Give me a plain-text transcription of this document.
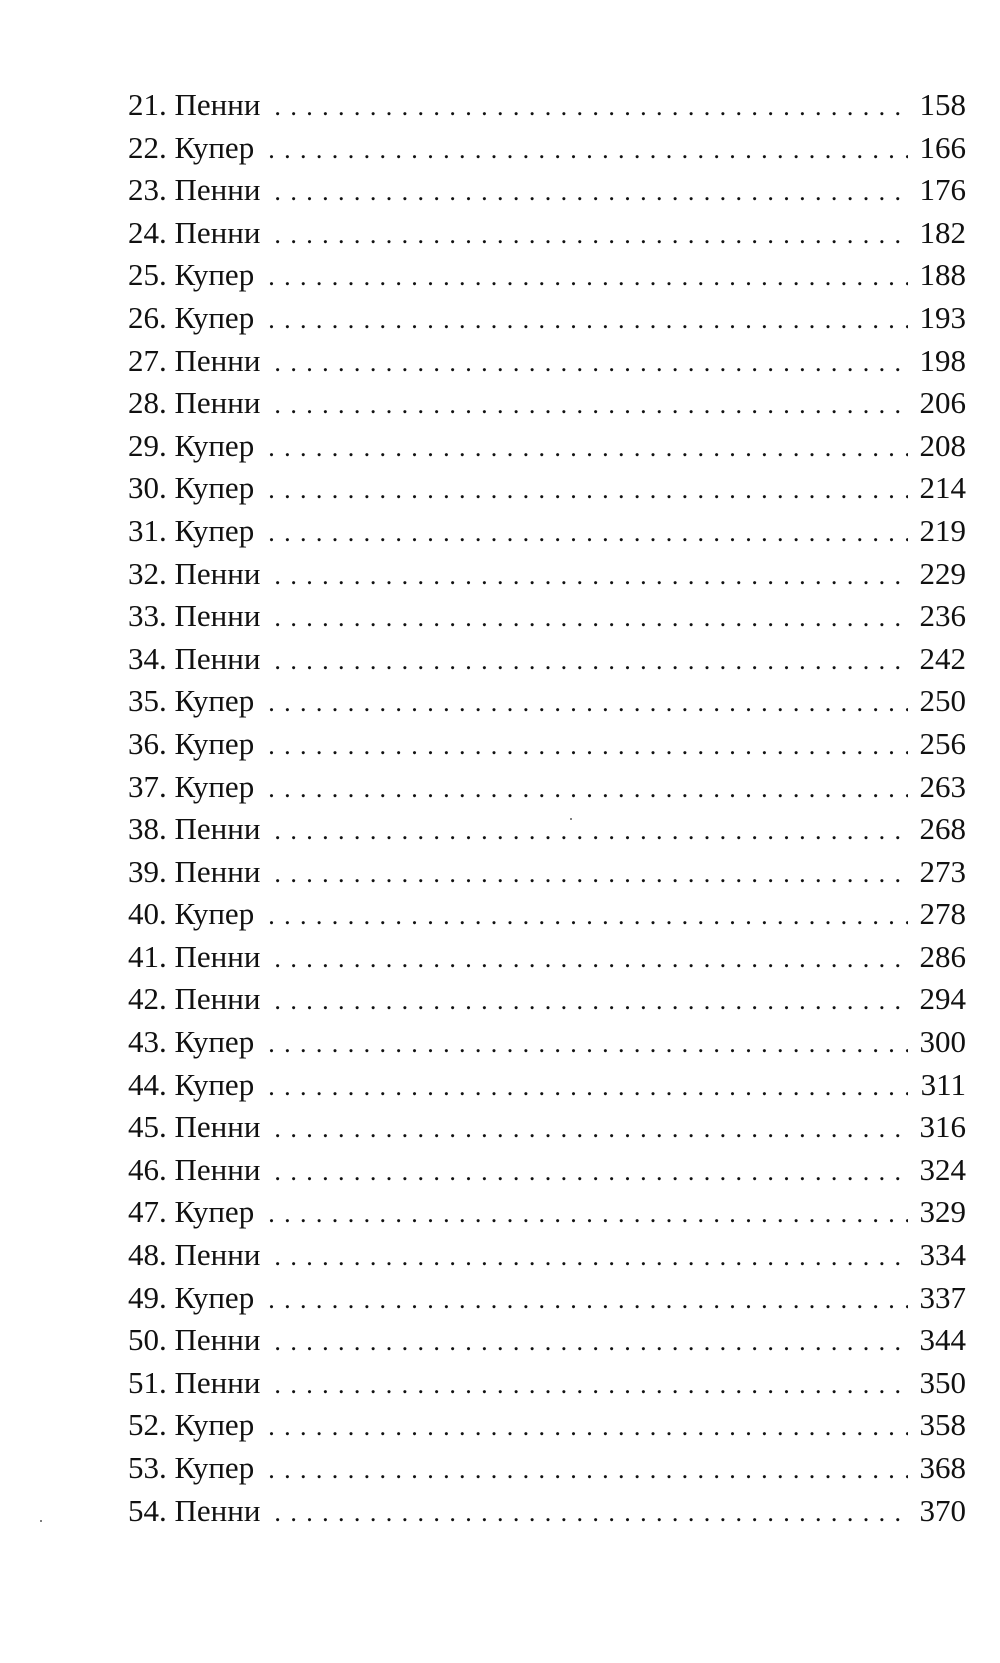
21. Пенни .....	158
22. Купер .....	166
23. Пенни .....	176
24. Пенни .....	182
25. Купер .....	188
26. Купер .....	193
27. Пенни .....	198
28. Пенни .....	206
29. Купер .....	208
30. Купер .....	214
31. Купер .....	219
32. Пенни .....	229
33. Пенни .....	236
34. Пенни .....	242
35. Купер .....	250
36. Купер .....	256
37. Купер .....	263
38. Пенни .....	268
39. Пенни .....	273
40. Купер .....	278
41. Пенни .....	286
42. Пенни .....	294
43. Купер .....	300
44. Купер .....	311
45. Пенни .....	316
46. Пенни .....	324
47. Купер .....	329
48. Пенни .....	334
49. Купер .....	337
50. Пенни .....	344
51. Пенни .....	350
52. Купер .....	358
53. Купер .....	368
54. Пенни .....	370
